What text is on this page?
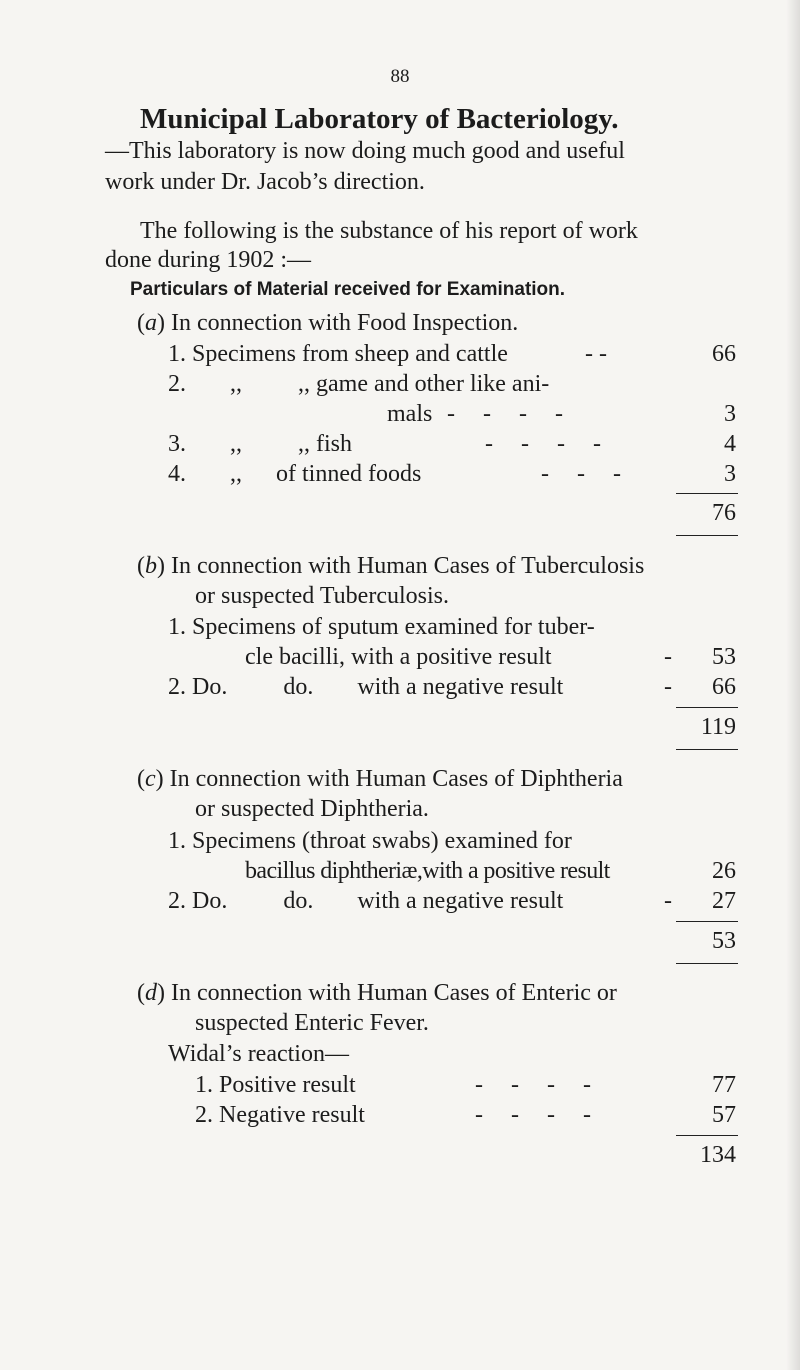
88
Municipal Laboratory of Bacteriology.
—This laboratory is now doing much good and useful
work under Dr. Jacob’s direction.
The following is the substance of his report of work
done during 1902 :—
Particulars of Material received for Examination.
(a) In connection with Food Inspection.
1. Specimens from sheep and cattle	- -	66
2. ,, ,, game and other like ani-
mals - - - -	3
3. ,, ,, fish	- - - -	4
4. ,, of tinned foods	- - -	3
76
(b) In connection with Human Cases of Tuberculosis
or suspected Tuberculosis.
1. Specimens of sputum examined for tuber-
cle bacilli, with a positive result	-	53
2. Do. do. with a negative result	-	66
119
(c) In connection with Human Cases of Diphtheria
or suspected Diphtheria.
1. Specimens (throat swabs) examined for
bacillus diphtheriæ,with a positive result	26
2. Do. do. with a negative result	-	27
53
(d) In connection with Human Cases of Enteric or
suspected Enteric Fever.
Widal’s reaction—
1. Positive result	- - - -	77
2. Negative result	- - - -	57
134
